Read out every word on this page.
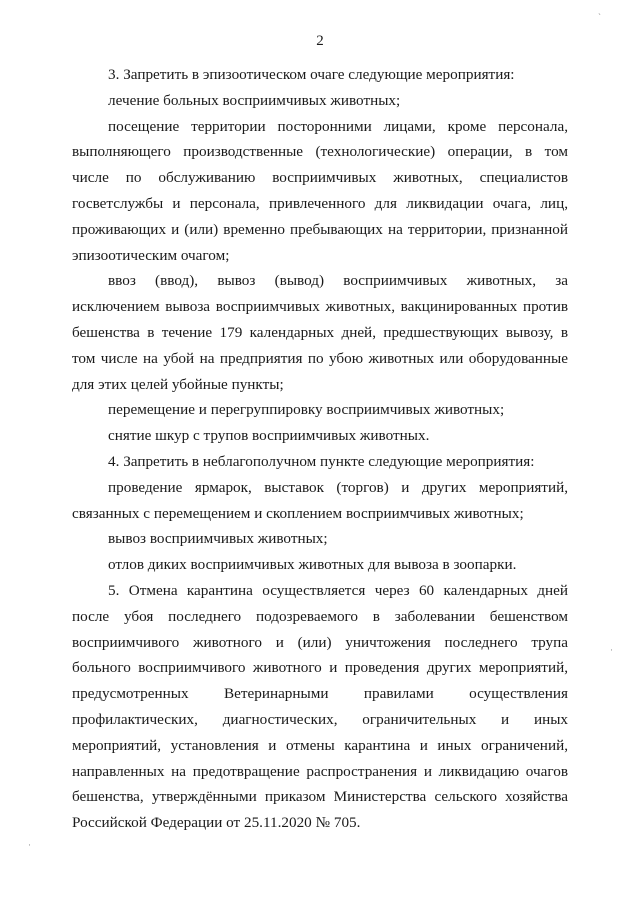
2
3. Запретить в эпизоотическом очаге следующие мероприятия:
лечение больных восприимчивых животных;
посещение территории посторонними лицами, кроме персонала,
выполняющего производственные (технологические) операции, в том
числе по обслуживанию восприимчивых животных, специалистов
госветслужбы и персонала, привлеченного для ликвидации очага, лиц,
проживающих и (или) временно пребывающих на территории, признанной
эпизоотическим очагом;
ввоз (ввод), вывоз (вывод) восприимчивых животных, за
исключением вывоза восприимчивых животных, вакцинированных против
бешенства в течение 179 календарных дней, предшествующих вывозу, в
том числе на убой на предприятия по убою животных или оборудованные
для этих целей убойные пункты;
перемещение и перегруппировку восприимчивых животных;
снятие шкур с трупов восприимчивых животных.
4. Запретить в неблагополучном пункте следующие мероприятия:
проведение ярмарок, выставок (торгов) и других мероприятий,
связанных с перемещением и скоплением восприимчивых животных;
вывоз восприимчивых животных;
отлов диких восприимчивых животных для вывоза в зоопарки.
5. Отмена карантина осуществляется через 60 календарных дней
после убоя последнего подозреваемого в заболевании бешенством
восприимчивого животного и (или) уничтожения последнего трупа
больного восприимчивого животного и проведения других мероприятий,
предусмотренных Ветеринарными правилами осуществления
профилактических, диагностических, ограничительных и иных
мероприятий, установления и отмены карантина и иных ограничений,
направленных на предотвращение распространения и ликвидацию очагов
бешенства, утверждёнными приказом Министерства сельского хозяйства
Российской Федерации от 25.11.2020 № 705.
`
·
·
